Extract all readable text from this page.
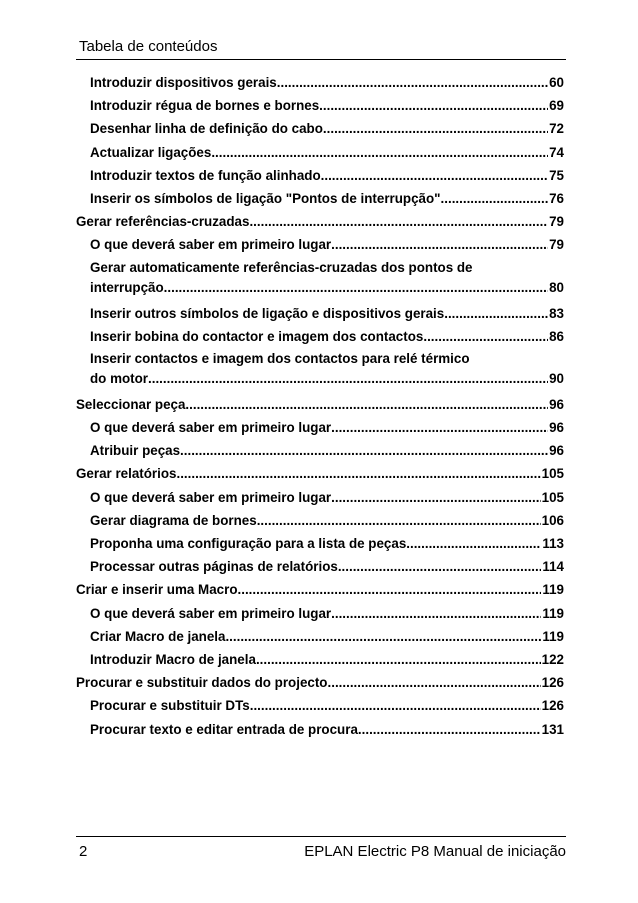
Tabela de conteúdos
Introduzir dispositivos gerais .....	60
Introduzir régua de bornes e bornes .....	69
Desenhar linha de definição do cabo .....	72
Actualizar ligações .....	74
Introduzir textos de função alinhado .....	75
Inserir os símbolos de ligação "Pontos de interrupção" .....	76
Gerar referências-cruzadas .....	79
O que deverá saber em primeiro lugar .....	79
Gerar automaticamente referências-cruzadas dos pontos de
interrupção .....	80
Inserir outros símbolos de ligação e dispositivos gerais .....	83
Inserir bobina do contactor e imagem dos contactos .....	86
Inserir contactos e imagem dos contactos para relé térmico
do motor .....	90
Seleccionar peça .....	96
O que deverá saber em primeiro lugar .....	96
Atribuir peças .....	96
Gerar relatórios .....	105
O que deverá saber em primeiro lugar .....	105
Gerar diagrama de bornes .....	106
Proponha uma configuração para a lista de peças .....	113
Processar outras páginas de relatórios .....	114
Criar e inserir uma Macro .....	119
O que deverá saber em primeiro lugar .....	119
Criar Macro de janela .....	119
Introduzir Macro de janela .....	122
Procurar e substituir dados do projecto .....	126
Procurar e substituir DTs .....	126
Procurar texto e editar entrada de procura .....	131
2	EPLAN Electric P8 Manual de iniciação
